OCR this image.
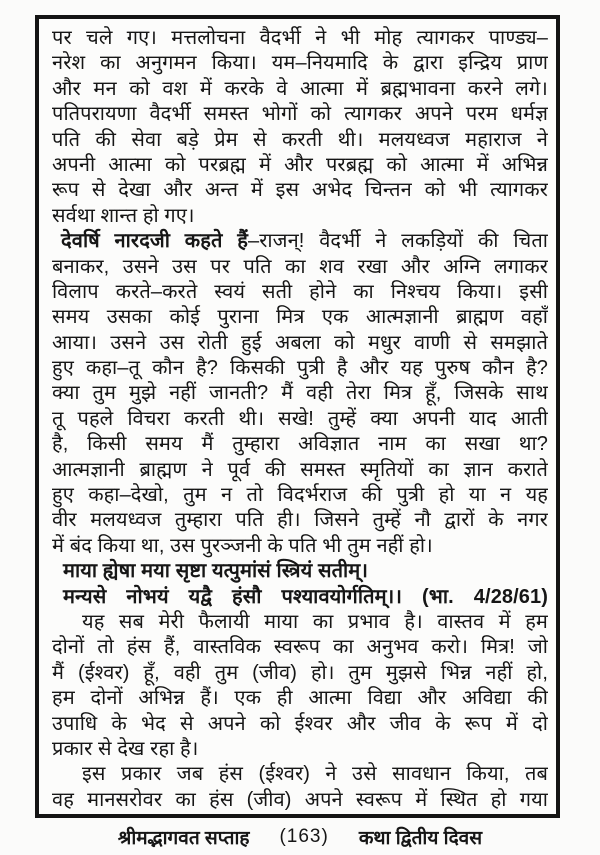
पर चले गए। मत्तलोचना वैदर्भी ने भी मोह त्यागकर पाण्ड्य–
नरेश का अनुगमन किया। यम–नियमादि के द्वारा इन्द्रिय प्राण
और मन को वश में करके वे आत्मा में ब्रह्मभावना करने लगे।
पतिपरायणा वैदर्भी समस्त भोगों को त्यागकर अपने परम धर्मज्ञ
पति की सेवा बड़े प्रेम से करती थी। मलयध्वज महाराज ने
अपनी आत्मा को परब्रह्म में और परब्रह्म को आत्मा में अभिन्न
रूप से देखा और अन्त में इस अभेद चिन्तन को भी त्यागकर
सर्वथा शान्त हो गए।
देवर्षि नारदजी कहते हैं–राजन्! वैदर्भी ने लकड़ियों की चिता
बनाकर, उसने उस पर पति का शव रखा और अग्नि लगाकर
विलाप करते–करते स्वयं सती होने का निश्चय किया। इसी
समय उसका कोई पुराना मित्र एक आत्मज्ञानी ब्राह्मण वहाँ
आया। उसने उस रोती हुई अबला को मधुर वाणी से समझाते
हुए कहा–तू कौन है? किसकी पुत्री है और यह पुरुष कौन है?
क्या तुम मुझे नहीं जानती? मैं वही तेरा मित्र हूँ, जिसके साथ
तू पहले विचरा करती थी। सखे! तुम्हें क्या अपनी याद आती
है, किसी समय मैं तुम्हारा अविज्ञात नाम का सखा था?
आत्मज्ञानी ब्राह्मण ने पूर्व की समस्त स्मृतियों का ज्ञान कराते
हुए कहा–देखो, तुम न तो विदर्भराज की पुत्री हो या न यह
वीर मलयध्वज तुम्हारा पति ही। जिसने तुम्हें नौ द्वारों के नगर
में बंद किया था, उस पुरञ्जनी के पति भी तुम नहीं हो।
माया ह्येषा मया सृष्टा यत्पुमांसं स्त्रियं सतीम्।
मन्यसे नोभयं यद्वै हंसौ पश्यावयोर्गतिम्।। (भा. 4/28/61)
यह सब मेरी फैलायी माया का प्रभाव है। वास्तव में हम
दोनों तो हंस हैं, वास्तविक स्वरूप का अनुभव करो। मित्र! जो
मैं (ईश्वर) हूँ, वही तुम (जीव) हो। तुम मुझसे भिन्न नहीं हो,
हम दोनों अभिन्न हैं। एक ही आत्मा विद्या और अविद्या की
उपाधि के भेद से अपने को ईश्वर और जीव के रूप में दो
प्रकार से देख रहा है।
इस प्रकार जब हंस (ईश्वर) ने उसे सावधान किया, तब
वह मानसरोवर का हंस (जीव) अपने स्वरूप में स्थित हो गया
श्रीमद्भागवत सप्ताह (163) कथा द्वितीय दिवस
